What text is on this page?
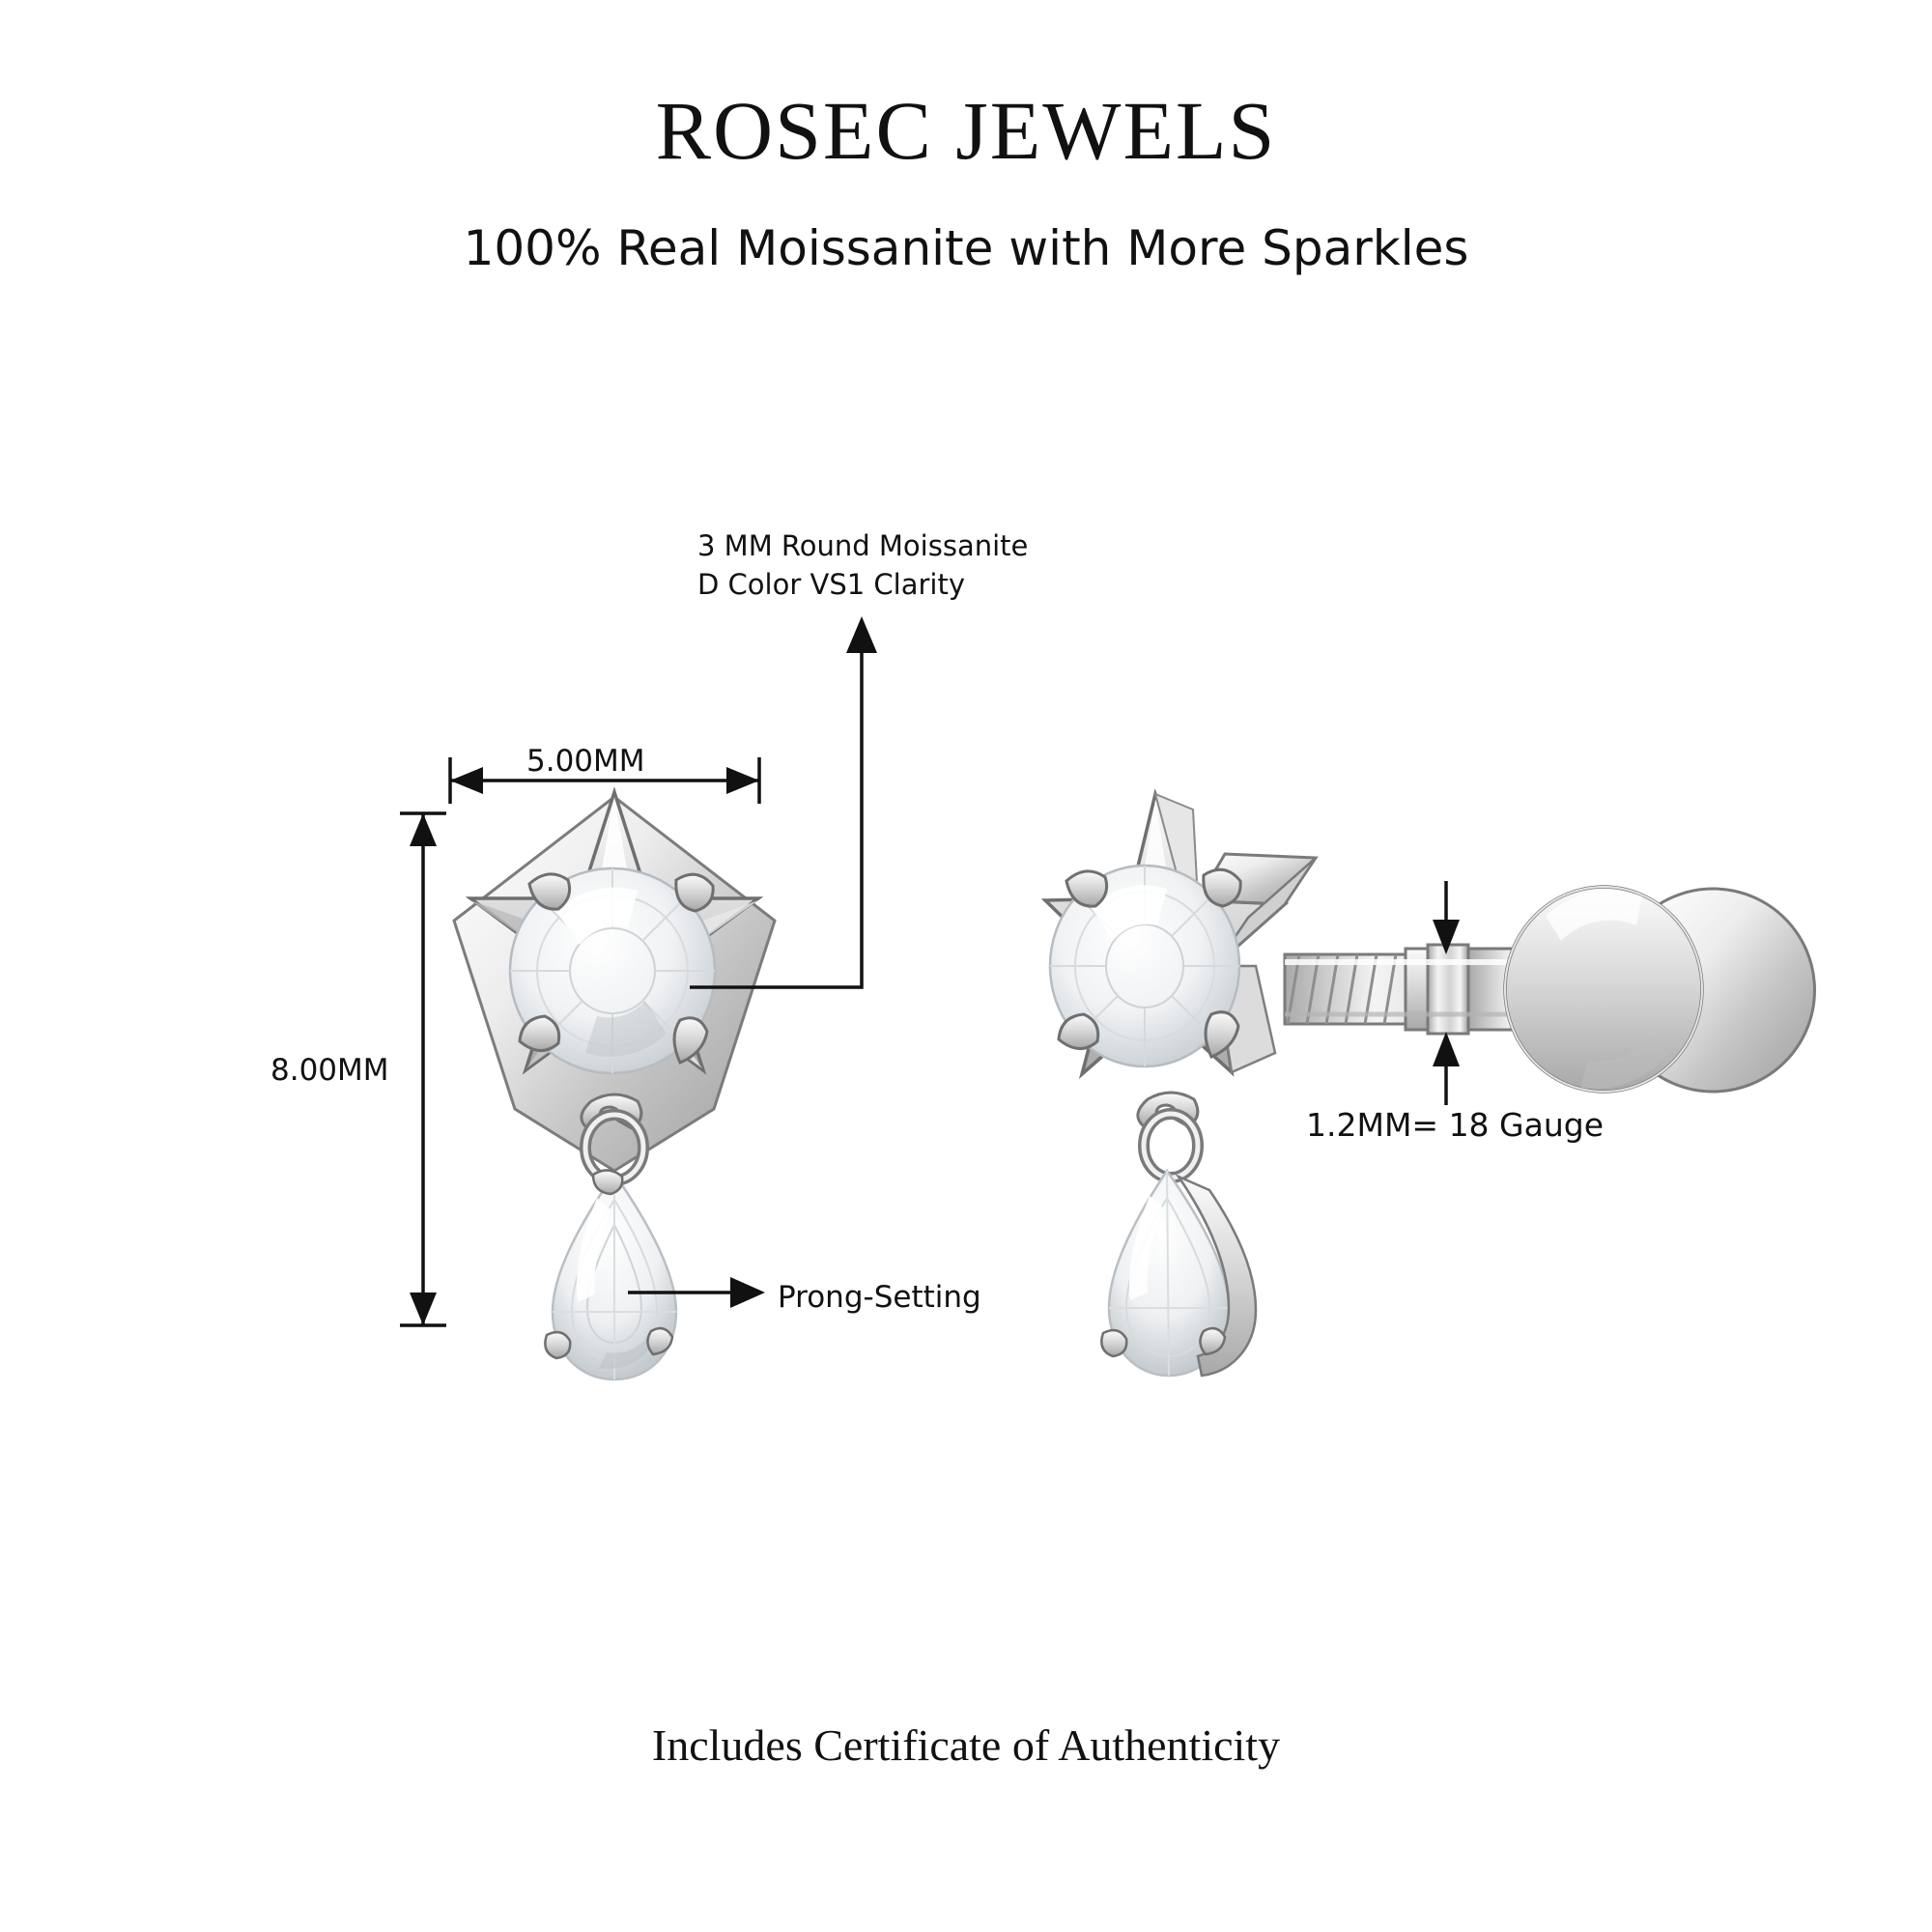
ROSEC JEWELS
100% Real Moissanite with More Sparkles
3 MM Round Moissanite
D Color VS1 Clarity
5.00MM
8.00MM
Prong-Setting
1.2MM= 18 Gauge
Includes Certificate of Authenticity
